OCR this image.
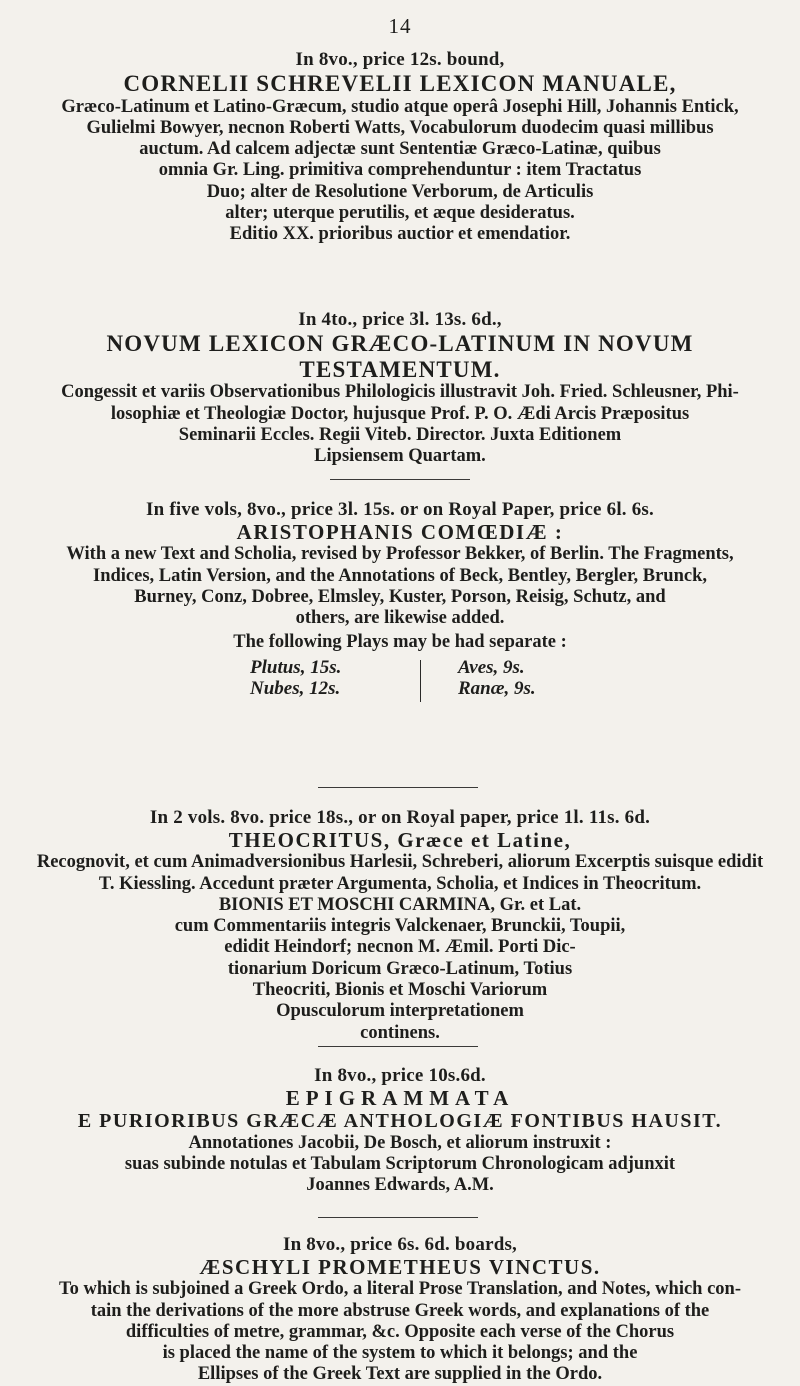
14
In 8vo., price 12s. bound,
CORNELII SCHREVELII LEXICON MANUALE,
Græco-Latinum et Latino-Græcum, studio atque operâ Josephi Hill, Johannis Entick,
Gulielmi Bowyer, necnon Roberti Watts, Vocabulorum duodecim quasi millibus
auctum. Ad calcem adjectæ sunt Sententiæ Græco-Latinæ, quibus
omnia Gr. Ling. primitiva comprehenduntur : item Tractatus
Duo; alter de Resolutione Verborum, de Articulis
alter; uterque perutilis, et æque desideratus.
Editio XX. prioribus auctior et emendatior.
In 4to., price 3l. 13s. 6d.,
NOVUM LEXICON GRÆCO-LATINUM IN NOVUM
TESTAMENTUM.
Congessit et variis Observationibus Philologicis illustravit Joh. Fried. Schleusner, Phi-
losophiæ et Theologiæ Doctor, hujusque Prof. P. O. Ædi Arcis Præpositus
Seminarii Eccles. Regii Viteb. Director. Juxta Editionem
Lipsiensem Quartam.
In five vols, 8vo., price 3l. 15s. or on Royal Paper, price 6l. 6s.
ARISTOPHANIS COMŒDIÆ :
With a new Text and Scholia, revised by Professor Bekker, of Berlin. The Fragments,
Indices, Latin Version, and the Annotations of Beck, Bentley, Bergler, Brunck,
Burney, Conz, Dobree, Elmsley, Kuster, Porson, Reisig, Schutz, and
others, are likewise added.
The following Plays may be had separate :
Plutus, 15s.
Nubes, 12s.
Aves, 9s.
Ranæ, 9s.
In 2 vols. 8vo. price 18s., or on Royal paper, price 1l. 11s. 6d.
THEOCRITUS, Græce et Latine,
Recognovit, et cum Animadversionibus Harlesii, Schreberi, aliorum Excerptis suisque edidit
T. Kiessling. Accedunt præter Argumenta, Scholia, et Indices in Theocritum.
BIONIS ET MOSCHI CARMINA, Gr. et Lat.
cum Commentariis integris Valckenaer, Brunckii, Toupii,
edidit Heindorf; necnon M. Æmil. Porti Dic-
tionarium Doricum Græco-Latinum, Totius
Theocriti, Bionis et Moschi Variorum
Opusculorum interpretationem
continens.
In 8vo., price 10s.6d.
EPIGRAMMATA
E PURIORIBUS GRÆCÆ ANTHOLOGIÆ FONTIBUS HAUSIT.
Annotationes Jacobii, De Bosch, et aliorum instruxit :
suas subinde notulas et Tabulam Scriptorum Chronologicam adjunxit
Joannes Edwards, A.M.
In 8vo., price 6s. 6d. boards,
ÆSCHYLI PROMETHEUS VINCTUS.
To which is subjoined a Greek Ordo, a literal Prose Translation, and Notes, which con-
tain the derivations of the more abstruse Greek words, and explanations of the
difficulties of metre, grammar, &c. Opposite each verse of the Chorus
is placed the name of the system to which it belongs; and the
Ellipses of the Greek Text are supplied in the Ordo.
